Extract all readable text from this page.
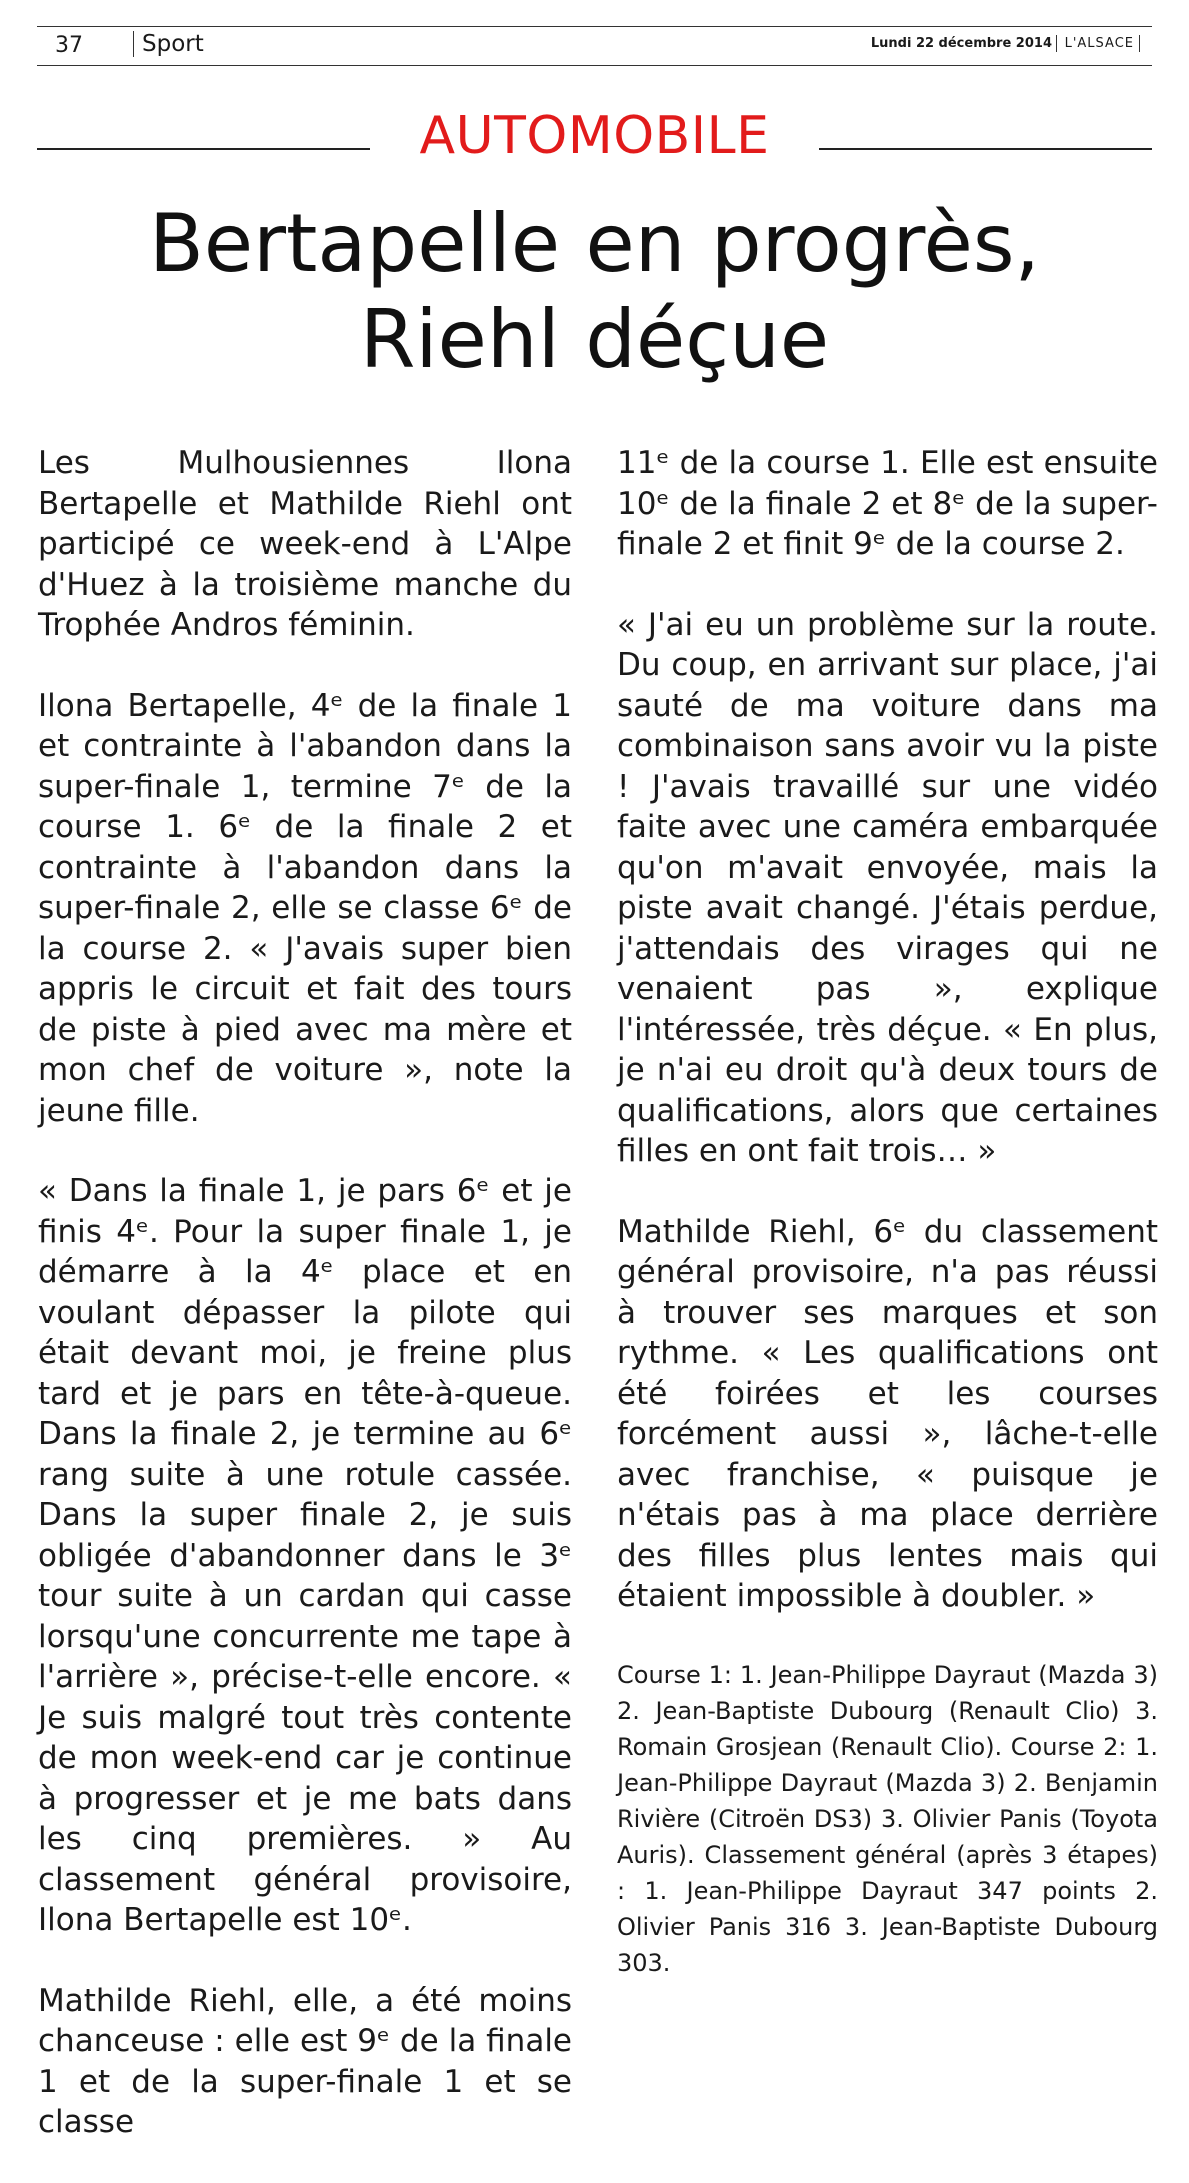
37	Sport	Lundi 22 décembre 2014 L'ALSACE
AUTOMOBILE
Bertapelle en progrès,
Riehl déçue

Les Mulhousiennes Ilona Bertapelle et Mathilde Riehl ont participé ce week-end à L'Alpe d'Huez à la troisième manche du Trophée Andros féminin.

Ilona Bertapelle, 4ᵉ de la finale 1 et contrainte à l'abandon dans la super-finale 1, termine 7ᵉ de la course 1. 6ᵉ de la finale 2 et contrainte à l'abandon dans la super-finale 2, elle se classe 6ᵉ de la course 2. « J'avais super bien appris le circuit et fait des tours de piste à pied avec ma mère et mon chef de voiture », note la jeune fille.

« Dans la finale 1, je pars 6ᵉ et je finis 4ᵉ. Pour la super finale 1, je démarre à la 4ᵉ place et en voulant dépasser la pilote qui était devant moi, je freine plus tard et je pars en tête-à-queue. Dans la finale 2, je termine au 6ᵉ rang suite à une rotule cassée. Dans la super finale 2, je suis obligée d'abandonner dans le 3ᵉ tour suite à un cardan qui casse lorsqu'une concurrente me tape à l'arrière », précise-t-elle encore. « Je suis malgré tout très contente de mon week-end car je continue à progresser et je me bats dans les cinq premières. » Au classement général provisoire, Ilona Bertapelle est 10ᵉ.

Mathilde Riehl, elle, a été moins chanceuse : elle est 9ᵉ de la finale 1 et de la super-finale 1 et se classe

11ᵉ de la course 1. Elle est ensuite 10ᵉ de la finale 2 et 8ᵉ de la super-finale 2 et finit 9ᵉ de la course 2.

« J'ai eu un problème sur la route. Du coup, en arrivant sur place, j'ai sauté de ma voiture dans ma combinaison sans avoir vu la piste ! J'avais travaillé sur une vidéo faite avec une caméra embarquée qu'on m'avait envoyée, mais la piste avait changé. J'étais perdue, j'attendais des virages qui ne venaient pas », explique l'intéressée, très déçue. « En plus, je n'ai eu droit qu'à deux tours de qualifications, alors que certaines filles en ont fait trois… »

Mathilde Riehl, 6ᵉ du classement général provisoire, n'a pas réussi à trouver ses marques et son rythme. « Les qualifications ont été foirées et les courses forcément aussi », lâche-t-elle avec franchise, « puisque je n'étais pas à ma place derrière des filles plus lentes mais qui étaient impossible à doubler. »

Course 1: 1. Jean-Philippe Dayraut (Mazda 3) 2. Jean-Baptiste Dubourg (Renault Clio) 3. Romain Grosjean (Renault Clio). Course 2: 1. Jean-Philippe Dayraut (Mazda 3) 2. Benjamin Rivière (Citroën DS3) 3. Olivier Panis (Toyota Auris). Classement général (après 3 étapes) : 1. Jean-Philippe Dayraut 347 points 2. Olivier Panis 316 3. Jean-Baptiste Dubourg 303.
